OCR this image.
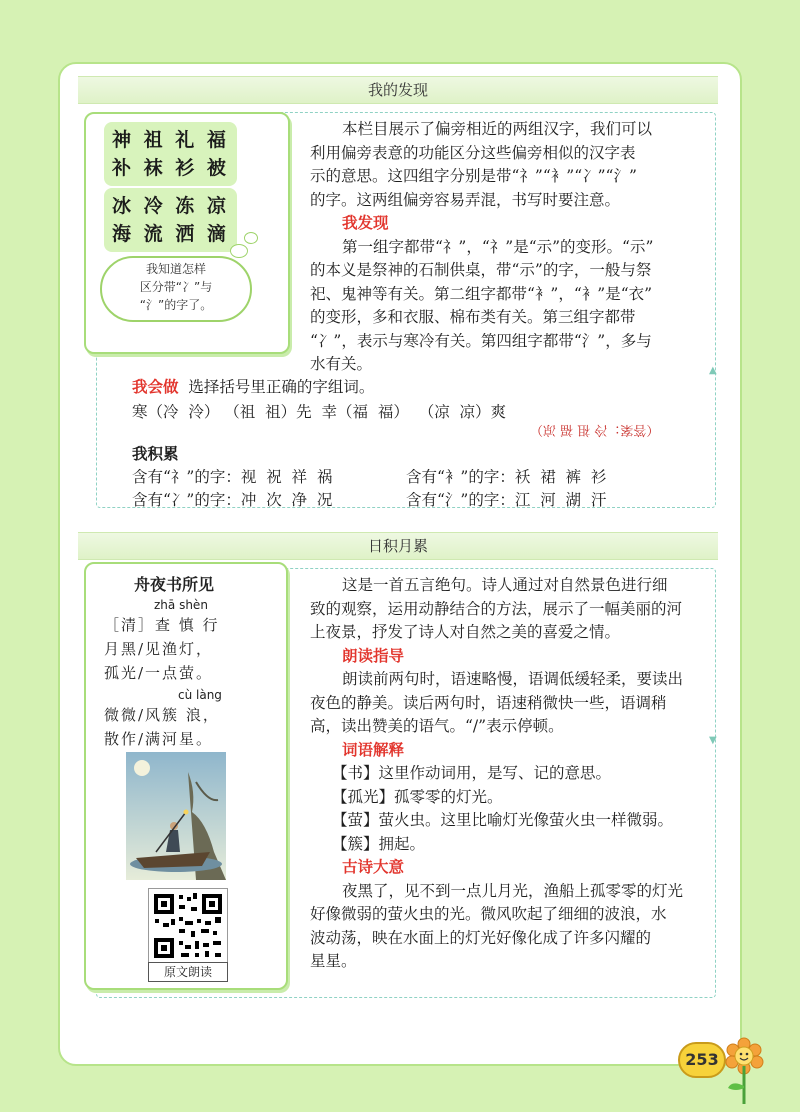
我的发现
▲
神 祖 礼 福
补 袜 衫 被
冰 冷 冻 凉
海 流 洒 滴
我知道怎样
区分带“冫”与
“氵”的字了。
本栏目展示了偏旁相近的两组汉字，我们可以
利用偏旁表意的功能区分这些偏旁相似的汉字表
示的意思。这四组字分别是带“礻”“衤”“冫”“氵”
的字。这两组偏旁容易弄混，书写时要注意。
我发现
第一组字都带“礻”，“礻”是“示”的变形。“示”
的本义是祭神的石制供桌，带“示”的字，一般与祭
祀、鬼神等有关。第二组字都带“衤”，“衤”是“衣”
的变形，多和衣服、棉布类有关。第三组字都带
“冫”，表示与寒冷有关。第四组字都带“氵”，多与
水有关。
我会做 选择括号里正确的字组词。
寒（冷  泠） （祖  祖）先  幸（福  福）  （凉  凉）爽
（答案：冷 祖 福 凉）
我积累
含有“礻”的字：视  祝  祥  祸	含有“衤”的字：袄  裙  裤  衫
含有“冫”的字：冲  次  净  况	含有“氵”的字：江  河  湖  汗
日积月累
▼
舟夜书所见
zhā shèn
［清］查 慎 行
月黑/见渔灯，
孤光/一点萤。
cù làng
微微/风簇 浪，
散作/满河星。
原文朗读
这是一首五言绝句。诗人通过对自然景色进行细
致的观察，运用动静结合的方法，展示了一幅美丽的河
上夜景，抒发了诗人对自然之美的喜爱之情。
朗读指导
朗读前两句时，语速略慢，语调低缓轻柔，要读出
夜色的静美。读后两句时，语速稍微快一些，语调稍
高，读出赞美的语气。“/”表示停顿。
词语解释
【书】这里作动词用，是写、记的意思。
【孤光】孤零零的灯光。
【萤】萤火虫。这里比喻灯光像萤火虫一样微弱。
【簇】拥起。
古诗大意
夜黑了，见不到一点儿月光，渔船上孤零零的灯光
好像微弱的萤火虫的光。微风吹起了细细的波浪，水
波动荡，映在水面上的灯光好像化成了许多闪耀的
星星。
253
